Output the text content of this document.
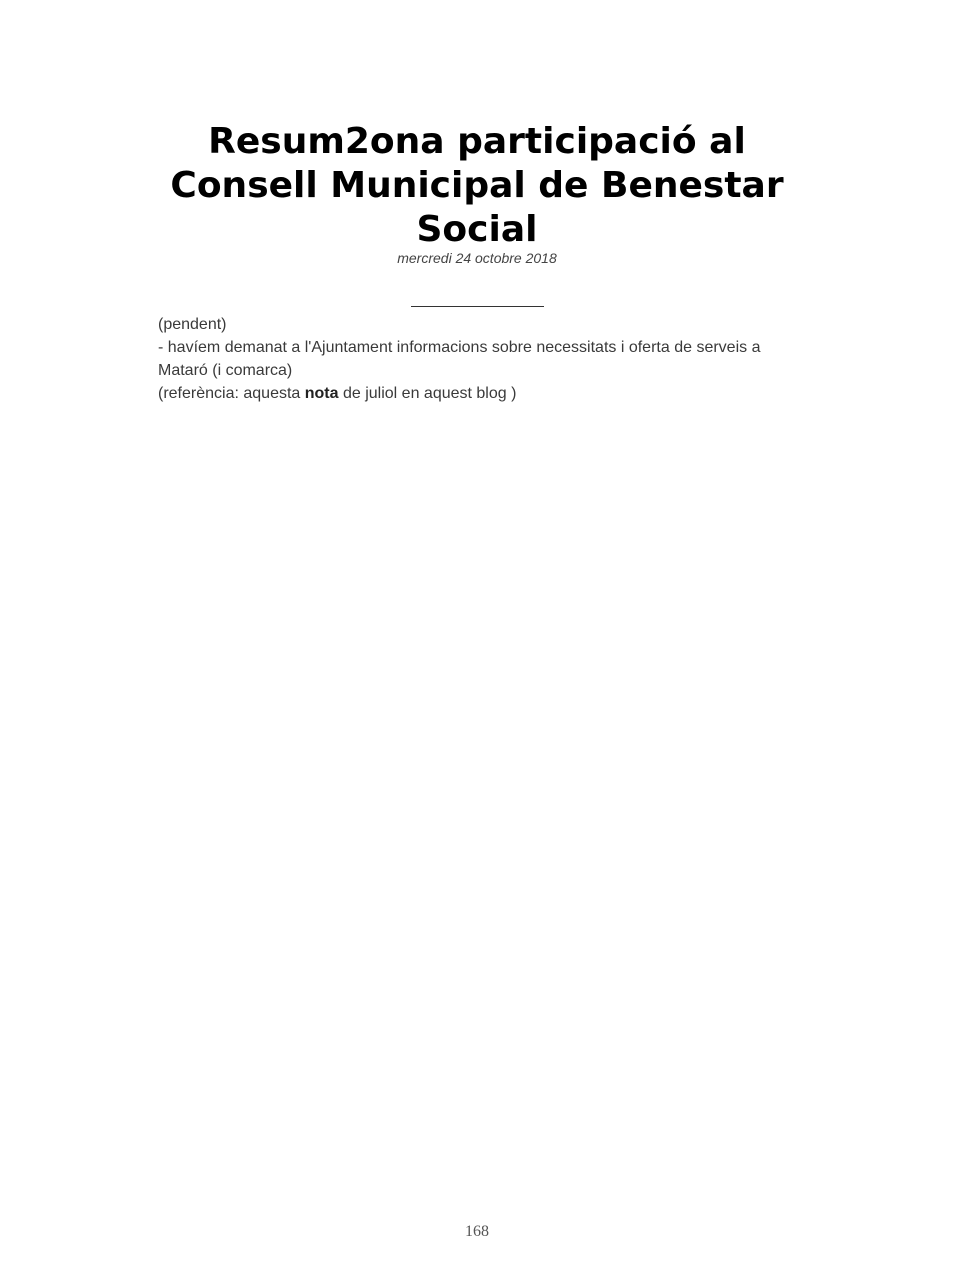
Resum2ona participació al Consell Municipal de Benestar Social
mercredi 24 octobre 2018

(pendent)

- havíem demanat a l'Ajuntament informacions sobre necessitats i oferta de serveis a Mataró (i comarca)

(referència: aquesta nota de juliol en aquest blog )

168
